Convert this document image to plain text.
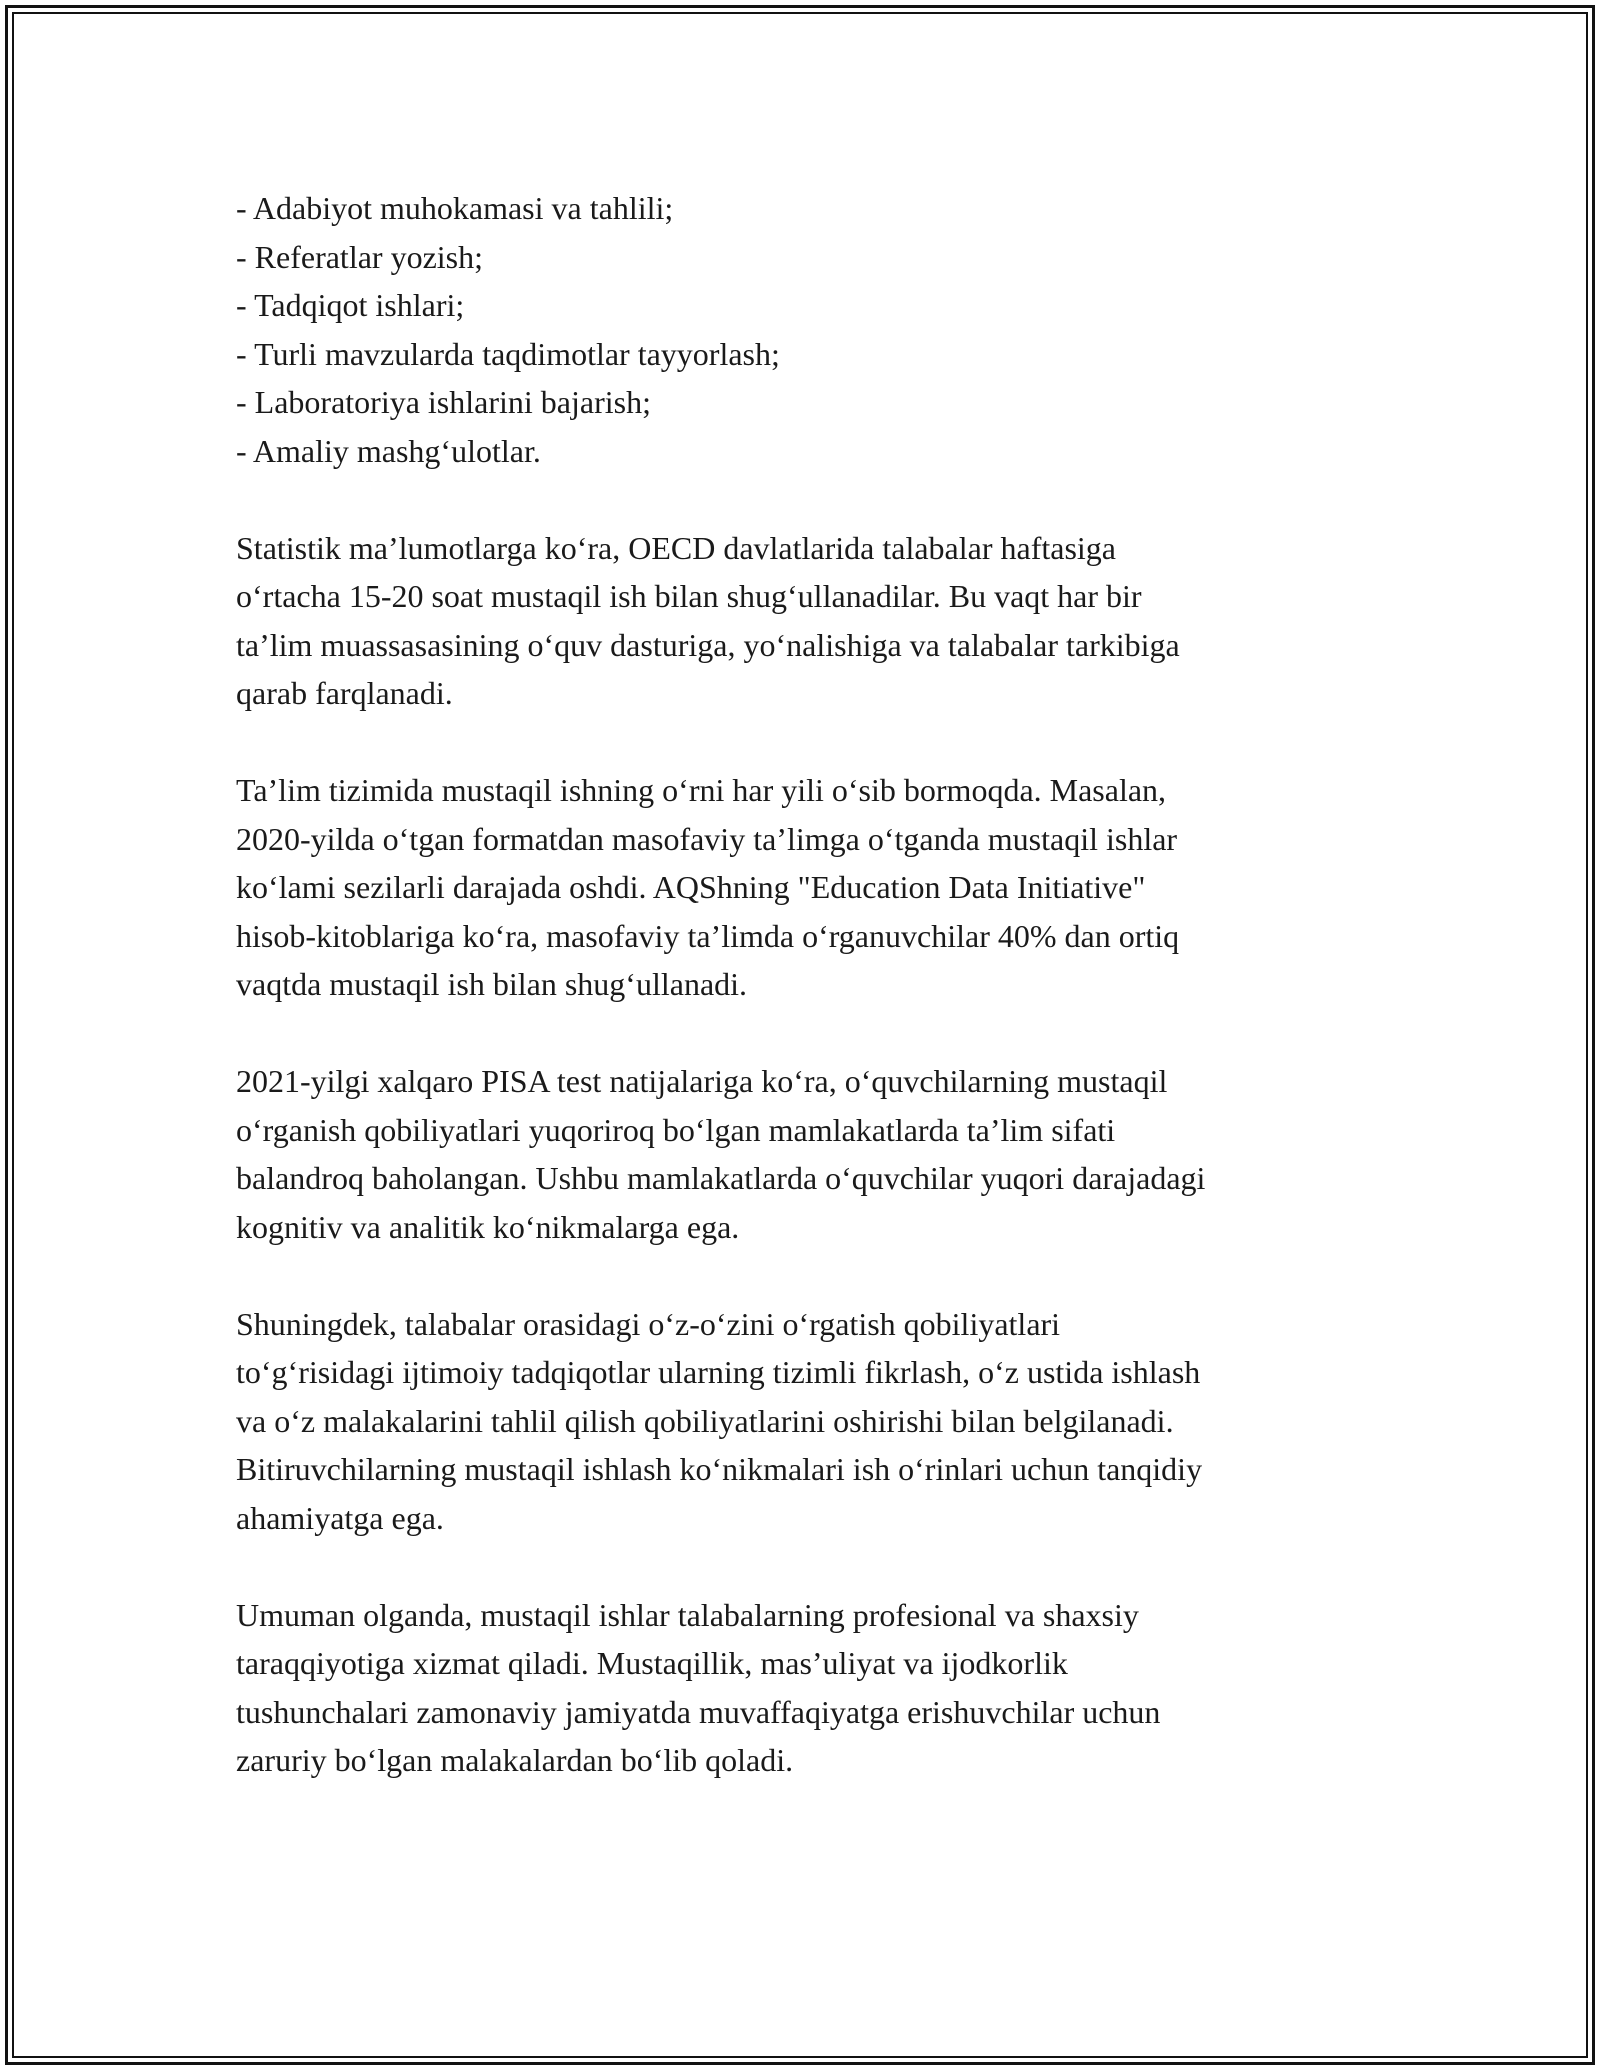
- Adabiyot muhokamasi va tahlili;
- Referatlar yozish;
- Tadqiqot ishlari;
- Turli mavzularda taqdimotlar tayyorlash;
- Laboratoriya ishlarini bajarish;
- Amaliy mashg‘ulotlar.

Statistik ma’lumotlarga ko‘ra, OECD davlatlarida talabalar haftasiga
o‘rtacha 15-20 soat mustaqil ish bilan shug‘ullanadilar. Bu vaqt har bir
ta’lim muassasasining o‘quv dasturiga, yo‘nalishiga va talabalar tarkibiga
qarab farqlanadi.

Ta’lim tizimida mustaqil ishning o‘rni har yili o‘sib bormoqda. Masalan,
2020-yilda o‘tgan formatdan masofaviy ta’limga o‘tganda mustaqil ishlar
ko‘lami sezilarli darajada oshdi. AQShning "Education Data Initiative"
hisob-kitoblariga ko‘ra, masofaviy ta’limda o‘rganuvchilar 40% dan ortiq
vaqtda mustaqil ish bilan shug‘ullanadi.

2021-yilgi xalqaro PISA test natijalariga ko‘ra, o‘quvchilarning mustaqil
o‘rganish qobiliyatlari yuqoriroq bo‘lgan mamlakatlarda ta’lim sifati
balandroq baholangan. Ushbu mamlakatlarda o‘quvchilar yuqori darajadagi
kognitiv va analitik ko‘nikmalarga ega.

Shuningdek, talabalar orasidagi o‘z-o‘zini o‘rgatish qobiliyatlari
to‘g‘risidagi ijtimoiy tadqiqotlar ularning tizimli fikrlash, o‘z ustida ishlash
va o‘z malakalarini tahlil qilish qobiliyatlarini oshirishi bilan belgilanadi.
Bitiruvchilarning mustaqil ishlash ko‘nikmalari ish o‘rinlari uchun tanqidiy
ahamiyatga ega.

Umuman olganda, mustaqil ishlar talabalarning profesional va shaxsiy
taraqqiyotiga xizmat qiladi. Mustaqillik, mas’uliyat va ijodkorlik
tushunchalari zamonaviy jamiyatda muvaffaqiyatga erishuvchilar uchun
zaruriy bo‘lgan malakalardan bo‘lib qoladi.
